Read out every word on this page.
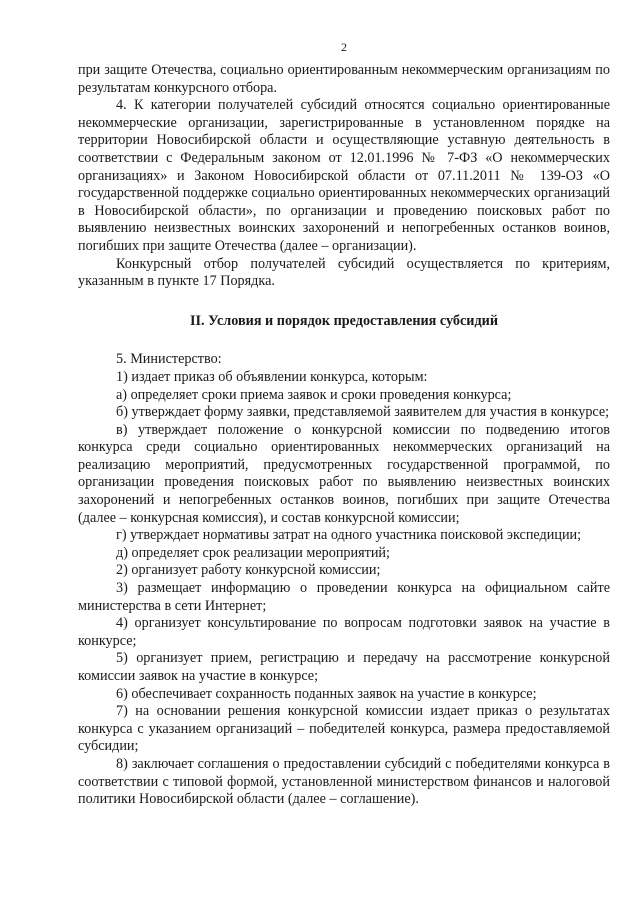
2

при защите Отечества, социально ориентированным некоммерческим организациям по результатам конкурсного отбора.

4. К категории получателей субсидий относятся социально ориентированные некоммерческие организации, зарегистрированные в установленном порядке на территории Новосибирской области и осуществляющие уставную деятельность в соответствии с Федеральным законом от 12.01.1996 № 7-ФЗ «О некоммерческих организациях» и Законом Новосибирской области от 07.11.2011 № 139-ОЗ «О государственной поддержке социально ориентированных некоммерческих организаций в Новосибирской области», по организации и проведению поисковых работ по выявлению неизвестных воинских захоронений и непогребенных останков воинов, погибших при защите Отечества (далее – организации).

Конкурсный отбор получателей субсидий осуществляется по критериям, указанным в пункте 17 Порядка.

II. Условия и порядок предоставления субсидий

5. Министерство:

1) издает приказ об объявлении конкурса, которым:

а) определяет сроки приема заявок и сроки проведения конкурса;

б) утверждает форму заявки, представляемой заявителем для участия в конкурсе;

в) утверждает положение о конкурсной комиссии по подведению итогов конкурса среди социально ориентированных некоммерческих организаций на реализацию мероприятий, предусмотренных государственной программой, по организации проведения поисковых работ по выявлению неизвестных воинских захоронений и непогребенных останков воинов, погибших при защите Отечества (далее – конкурсная комиссия), и состав конкурсной комиссии;

г) утверждает нормативы затрат на одного участника поисковой экспедиции;

д) определяет срок реализации мероприятий;

2) организует работу конкурсной комиссии;

3) размещает информацию о проведении конкурса на официальном сайте министерства в сети Интернет;

4) организует консультирование по вопросам подготовки заявок на участие в конкурсе;

5) организует прием, регистрацию и передачу на рассмотрение конкурсной комиссии заявок на участие в конкурсе;

6) обеспечивает сохранность поданных заявок на участие в конкурсе;

7) на основании решения конкурсной комиссии издает приказ о результатах конкурса с указанием организаций – победителей конкурса, размера предоставляемой субсидии;

8) заключает соглашения о предоставлении субсидий с победителями конкурса в соответствии с типовой формой, установленной министерством финансов и налоговой политики Новосибирской области (далее – соглашение).
